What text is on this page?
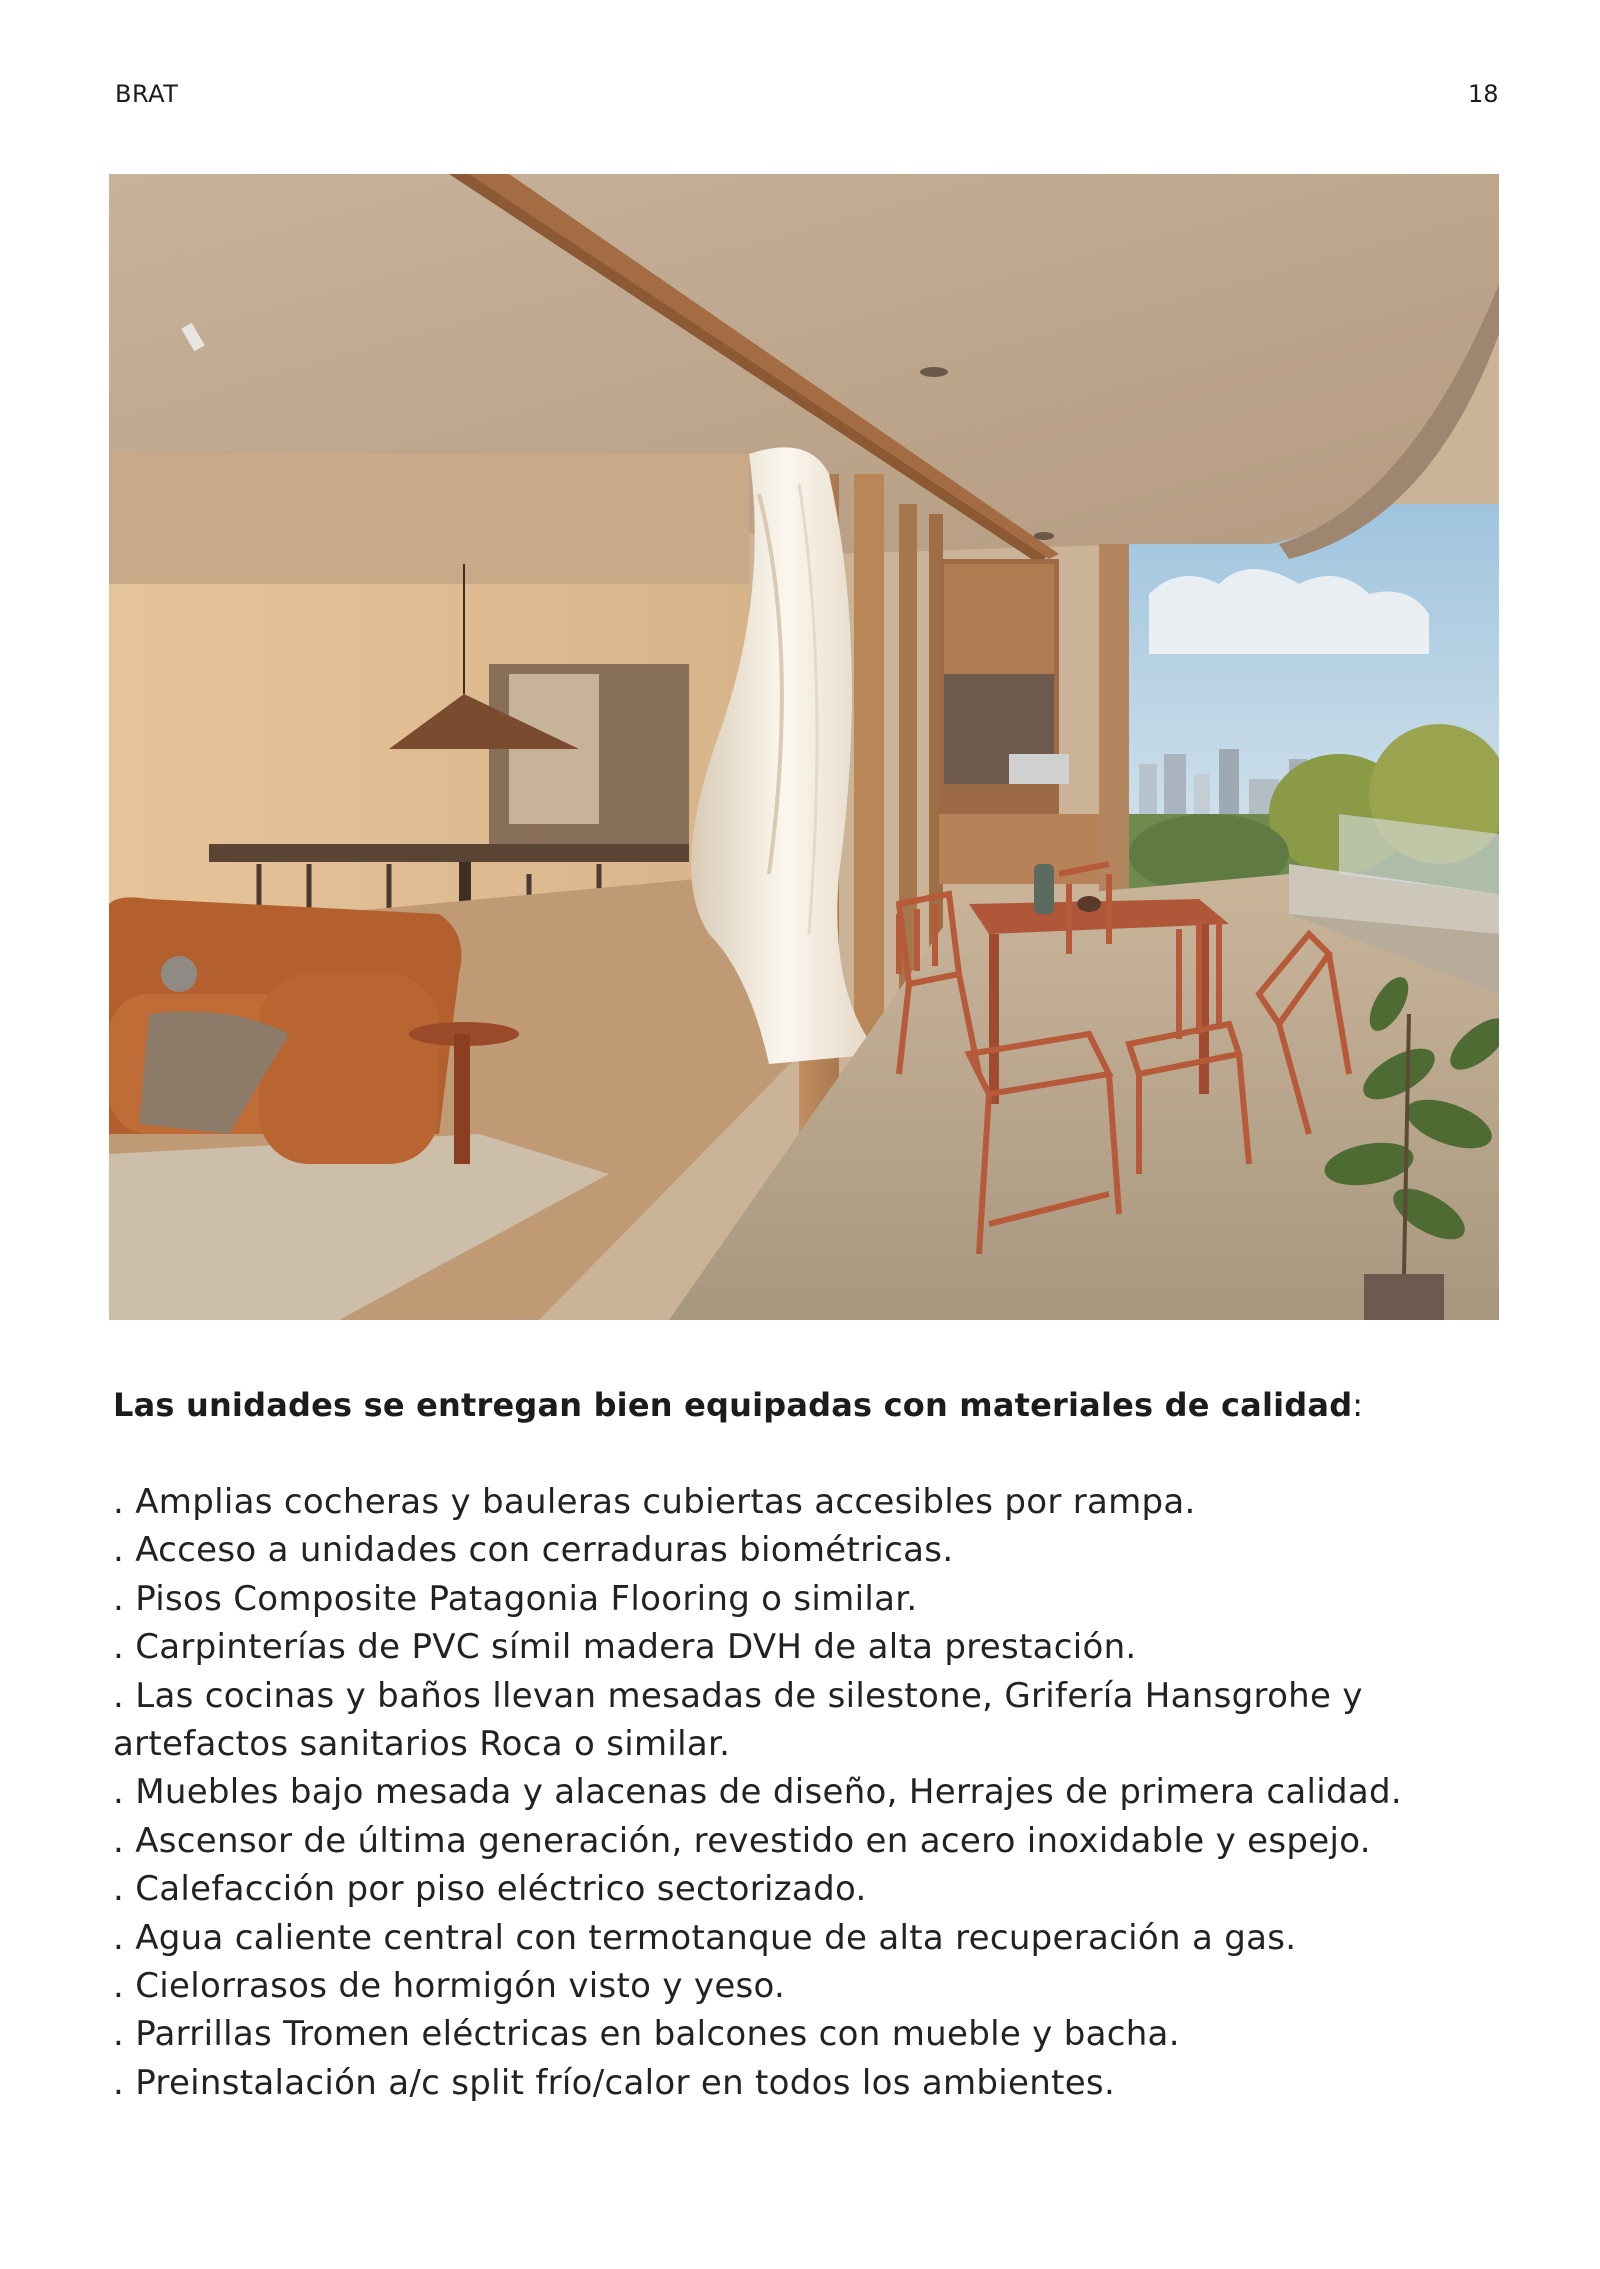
BRAT	18
Las unidades se entregan bien equipadas con materiales de calidad:
. Amplias cocheras y bauleras cubiertas accesibles por rampa.
. Acceso a unidades con cerraduras biométricas.
. Pisos Composite Patagonia Flooring o similar.
. Carpinterías de PVC símil madera DVH de alta prestación.
. Las cocinas y baños llevan mesadas de silestone, Grifería Hansgrohe y artefactos sanitarios Roca o similar.
. Muebles bajo mesada y alacenas de diseño, Herrajes de primera calidad.
. Ascensor de última generación, revestido en acero inoxidable y espejo.
. Calefacción por piso eléctrico sectorizado.
. Agua caliente central con termotanque de alta recuperación a gas.
. Cielorrasos de hormigón visto y yeso.
. Parrillas Tromen eléctricas en balcones con mueble y bacha.
. Preinstalación a/c split frío/calor en todos los ambientes.
